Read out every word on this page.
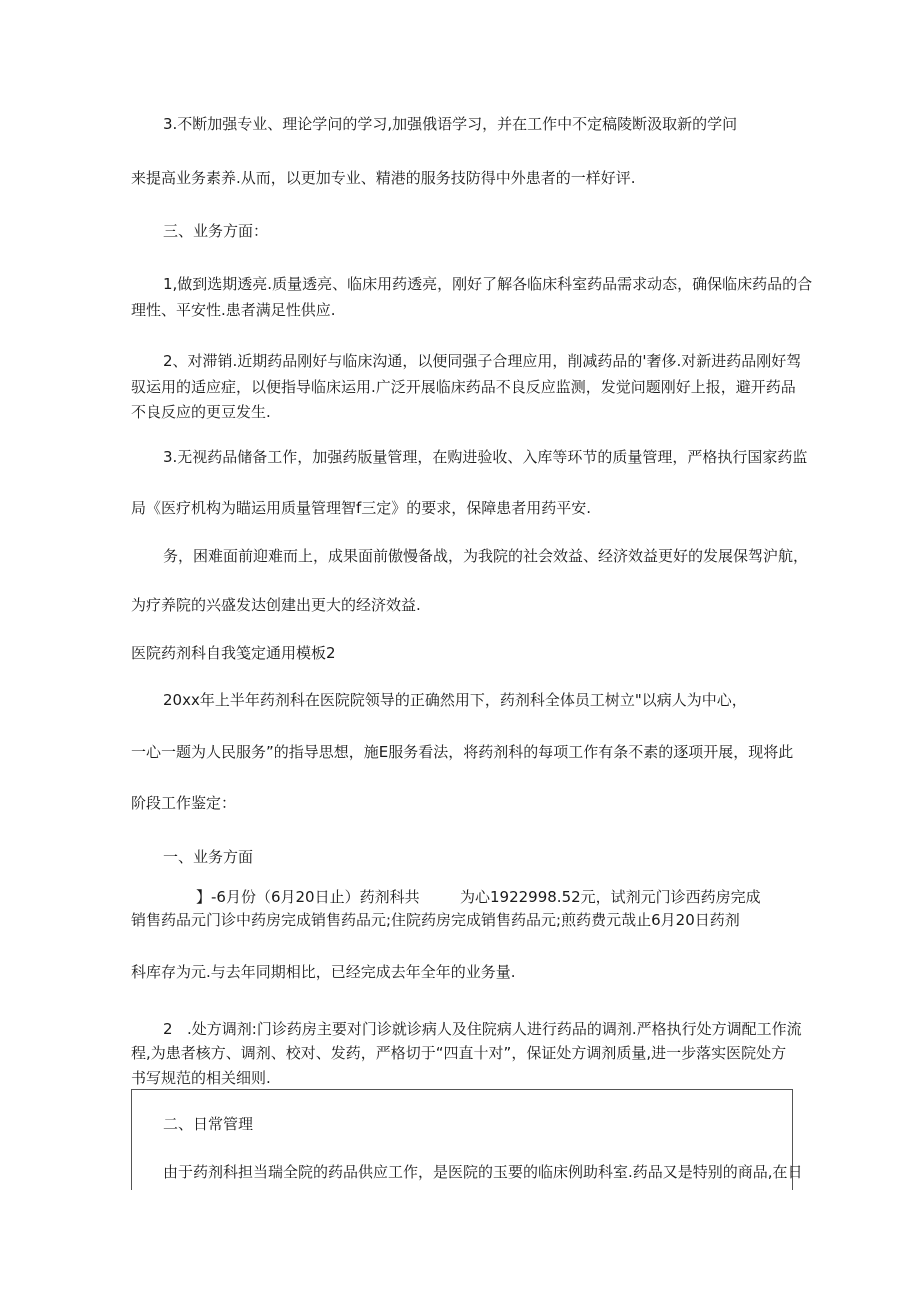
3.不断加强专业、理论学问的学习,加强俄语学习，并在工作中不定稿陵断汲取新的学问
来提高业务素养.从而，以更加专业、精港的服务技防得中外患者的一样好评.
三、业务方面：
1,做到选期透亮.质量透亮、临床用药透亮，刚好了解各临床科室药品需求动态，确保临床药品的合
理性、平安性.患者满足性供应.
2、对滞销.近期药品刚好与临床沟通，以便同强子合理应用，削减药品的'奢侈.对新进药品刚好驾
驭运用的适应症，以便指导临床运用.广泛开展临床药品不良反应监测，发觉问题刚好上报，避开药品
不良反应的更豆发生.
3.无视药品储备工作，加强药版量管理，在购进验收、入库等环节的质量管理，严格执行国家药监
局《医疗机构为瞄运用质量管理智f三定》的要求，保障患者用药平安.
务，困难面前迎难而上，成果面前傲慢备战，为我院的社会效益、经济效益更好的发展保驾沪航，
为疗养院的兴盛发达创建出更大的经济效益.
医院药剂科自我笺定通用模板2
20xx年上半年药剂科在医院院领导的正确然用下，药剂科全体员工树立"以病人为中心，
一心一题为人民服务”的指导思想，施E服务看法，将药剂科的每项工作有条不素的逐项开展，现将此
阶段工作鉴定：
一、业务方面
】-6月份（6月20日止）药剂科共	为心1922998.52元，试剂元门诊西药房完成
销售药品元门诊中药房完成销售药品元;住院药房完成销售药品元;煎药费元哉止6月20日药剂
科库存为元.与去年同期相比，已经完成去年全年的业务量.
2 .处方调剂:门诊药房主要对门诊就诊病人及住院病人进行药品的调剂.严格执行处方调配工作流
程,为患者核方、调剂、校对、发药，严格切于“四直十对”，保证处方调剂质量,进一步落实医院处方
书写规范的相关细则.
二、日常管理
由于药剂科担当瑞全院的药品供应工作，是医院的玉要的临床例助科室.药品又是特别的商品,在日
